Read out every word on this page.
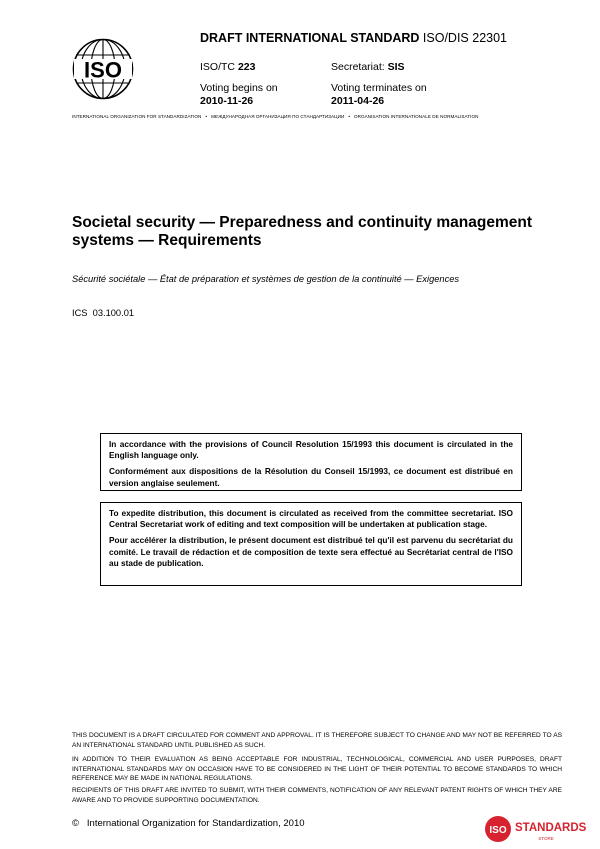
ISO
DRAFT INTERNATIONAL STANDARD ISO/DIS 22301
ISO/TC 223	Secretariat: SIS
Voting begins on
2010-11-26
Voting terminates on
2011-04-26
INTERNATIONAL ORGANIZATION FOR STANDARDIZATION • МЕЖДУНАРОДНАЯ ОРГАНИЗАЦИЯ ПО СТАНДАРТИЗАЦИИ • ORGANISATION INTERNATIONALE DE NORMALISATION
Societal security — Preparedness and continuity management systems — Requirements
Sécurité sociétale — État de préparation et systèmes de gestion de la continuité — Exigences
ICS 03.100.01

In accordance with the provisions of Council Resolution 15/1993 this document is circulated in the English language only.

Conformément aux dispositions de la Résolution du Conseil 15/1993, ce document est distribué en version anglaise seulement.

To expedite distribution, this document is circulated as received from the committee secretariat. ISO Central Secretariat work of editing and text composition will be undertaken at publication stage.

Pour accélérer la distribution, le présent document est distribué tel qu'il est parvenu du secrétariat du comité. Le travail de rédaction et de composition de texte sera effectué au Secrétariat central de l'ISO au stade de publication.

THIS DOCUMENT IS A DRAFT CIRCULATED FOR COMMENT AND APPROVAL. IT IS THEREFORE SUBJECT TO CHANGE AND MAY NOT BE REFERRED TO AS AN INTERNATIONAL STANDARD UNTIL PUBLISHED AS SUCH.
IN ADDITION TO THEIR EVALUATION AS BEING ACCEPTABLE FOR INDUSTRIAL, TECHNOLOGICAL, COMMERCIAL AND USER PURPOSES, DRAFT INTERNATIONAL STANDARDS MAY ON OCCASION HAVE TO BE CONSIDERED IN THE LIGHT OF THEIR POTENTIAL TO BECOME STANDARDS TO WHICH REFERENCE MAY BE MADE IN NATIONAL REGULATIONS.
RECIPIENTS OF THIS DRAFT ARE INVITED TO SUBMIT, WITH THEIR COMMENTS, NOTIFICATION OF ANY RELEVANT PATENT RIGHTS OF WHICH THEY ARE AWARE AND TO PROVIDE SUPPORTING DOCUMENTATION.
© International Organization for Standardization, 2010
ISO STANDARDS
STORE
